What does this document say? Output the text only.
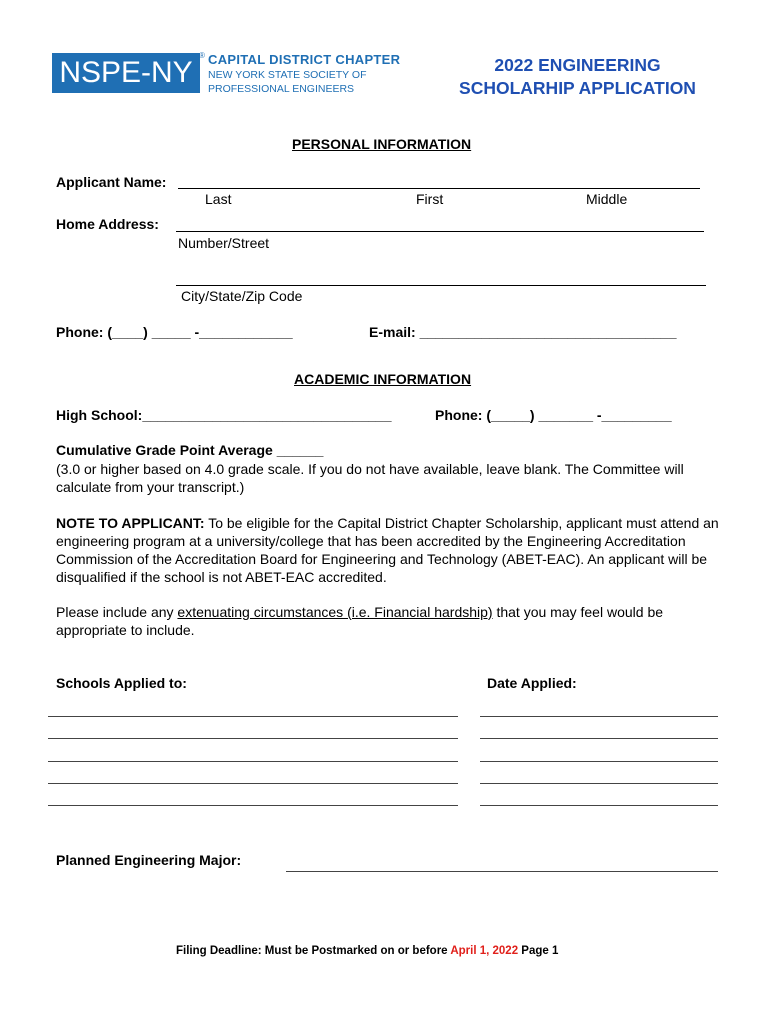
NSPE-NY
® CAPITAL DISTRICT CHAPTER
NEW YORK STATE SOCIETY OF
PROFESSIONAL ENGINEERS
2022 ENGINEERING
SCHOLARHIP APPLICATION
PERSONAL INFORMATION
Applicant Name:
Last	First	Middle
Home Address:
Number/Street
City/State/Zip Code
Phone: (____) _____ -____________	E-mail: _________________________________
ACADEMIC INFORMATION
High School:________________________________	Phone: (_____) _______ -_________
Cumulative Grade Point Average ______
(3.0 or higher based on 4.0 grade scale. If you do not have available, leave blank. The Committee will calculate from your transcript.)
NOTE TO APPLICANT: To be eligible for the Capital District Chapter Scholarship, applicant must attend an engineering program at a university/college that has been accredited by the Engineering Accreditation Commission of the Accreditation Board for Engineering and Technology (ABET-EAC). An applicant will be disqualified if the school is not ABET-EAC accredited.
Please include any extenuating circumstances (i.e. Financial hardship) that you may feel would be appropriate to include.
Schools Applied to:	Date Applied:
Planned Engineering Major:
Filing Deadline: Must be Postmarked on or before April 1, 2022 Page 1
